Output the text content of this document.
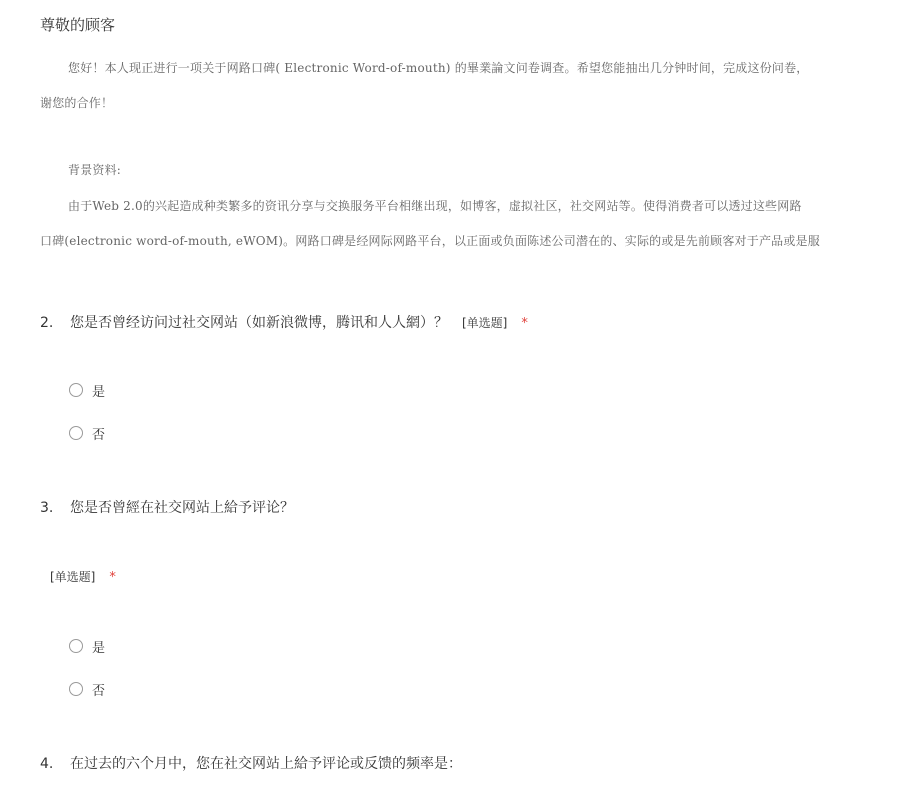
尊敬的顾客
您好！本人现正进行一项关于网路口碑( Electronic Word-of-mouth) 的畢業論文问卷调查。希望您能抽出几分钟时间，完成这份问卷，
谢您的合作！
背景资料:
由于Web 2.0的兴起造成种类繁多的资讯分享与交换服务平台相继出现，如博客，虚拟社区，社交网站等。使得消费者可以透过这些网路
口碑(electronic word-of-mouth, eWOM)。网路口碑是经网际网路平台，以正面或负面陈述公司潜在的、实际的或是先前顾客对于产品或是服
2. 您是否曾经访问过社交网站（如新浪微博，腾讯和人人網）？ [单选题] *
是
否
3. 您是否曾經在社交网站上給予评论？
[单选题] *
是
否
4. 在过去的六个月中，您在社交网站上給予评论或反馈的频率是：
